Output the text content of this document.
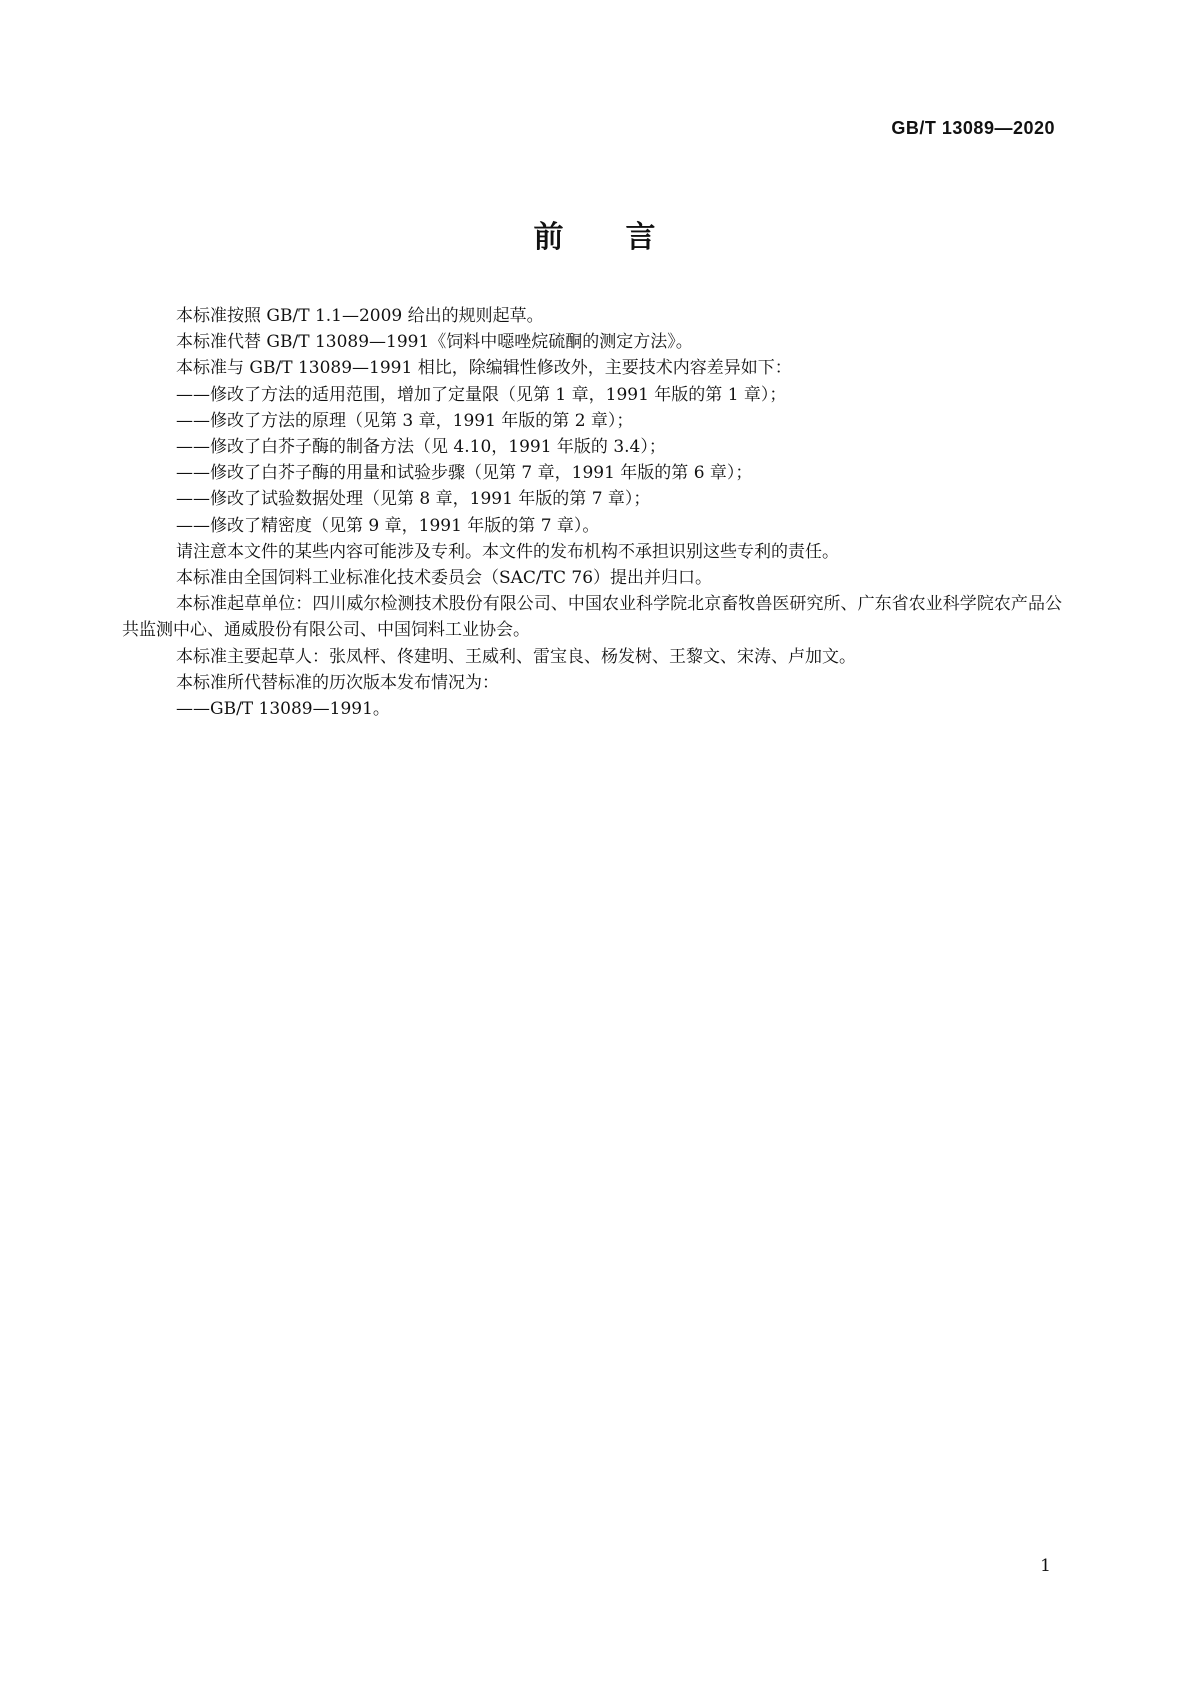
GB/T 13089—2020
前 言

本标准按照 GB/T 1.1—2009 给出的规则起草。

本标准代替 GB/T 13089—1991《饲料中噁唑烷硫酮的测定方法》。

本标准与 GB/T 13089—1991 相比，除编辑性修改外，主要技术内容差异如下：

——修改了方法的适用范围，增加了定量限（见第 1 章，1991 年版的第 1 章）；

——修改了方法的原理（见第 3 章，1991 年版的第 2 章）；

——修改了白芥子酶的制备方法（见 4.10，1991 年版的 3.4）；

——修改了白芥子酶的用量和试验步骤（见第 7 章，1991 年版的第 6 章）；

——修改了试验数据处理（见第 8 章，1991 年版的第 7 章）；

——修改了精密度（见第 9 章，1991 年版的第 7 章）。

请注意本文件的某些内容可能涉及专利。本文件的发布机构不承担识别这些专利的责任。

本标准由全国饲料工业标准化技术委员会（SAC/TC 76）提出并归口。

本标准起草单位：四川威尔检测技术股份有限公司、中国农业科学院北京畜牧兽医研究所、广东省农业科学院农产品公共监测中心、通威股份有限公司、中国饲料工业协会。

本标准主要起草人：张凤枰、佟建明、王威利、雷宝良、杨发树、王黎文、宋涛、卢加文。

本标准所代替标准的历次版本发布情况为：

——GB/T 13089—1991。

1
